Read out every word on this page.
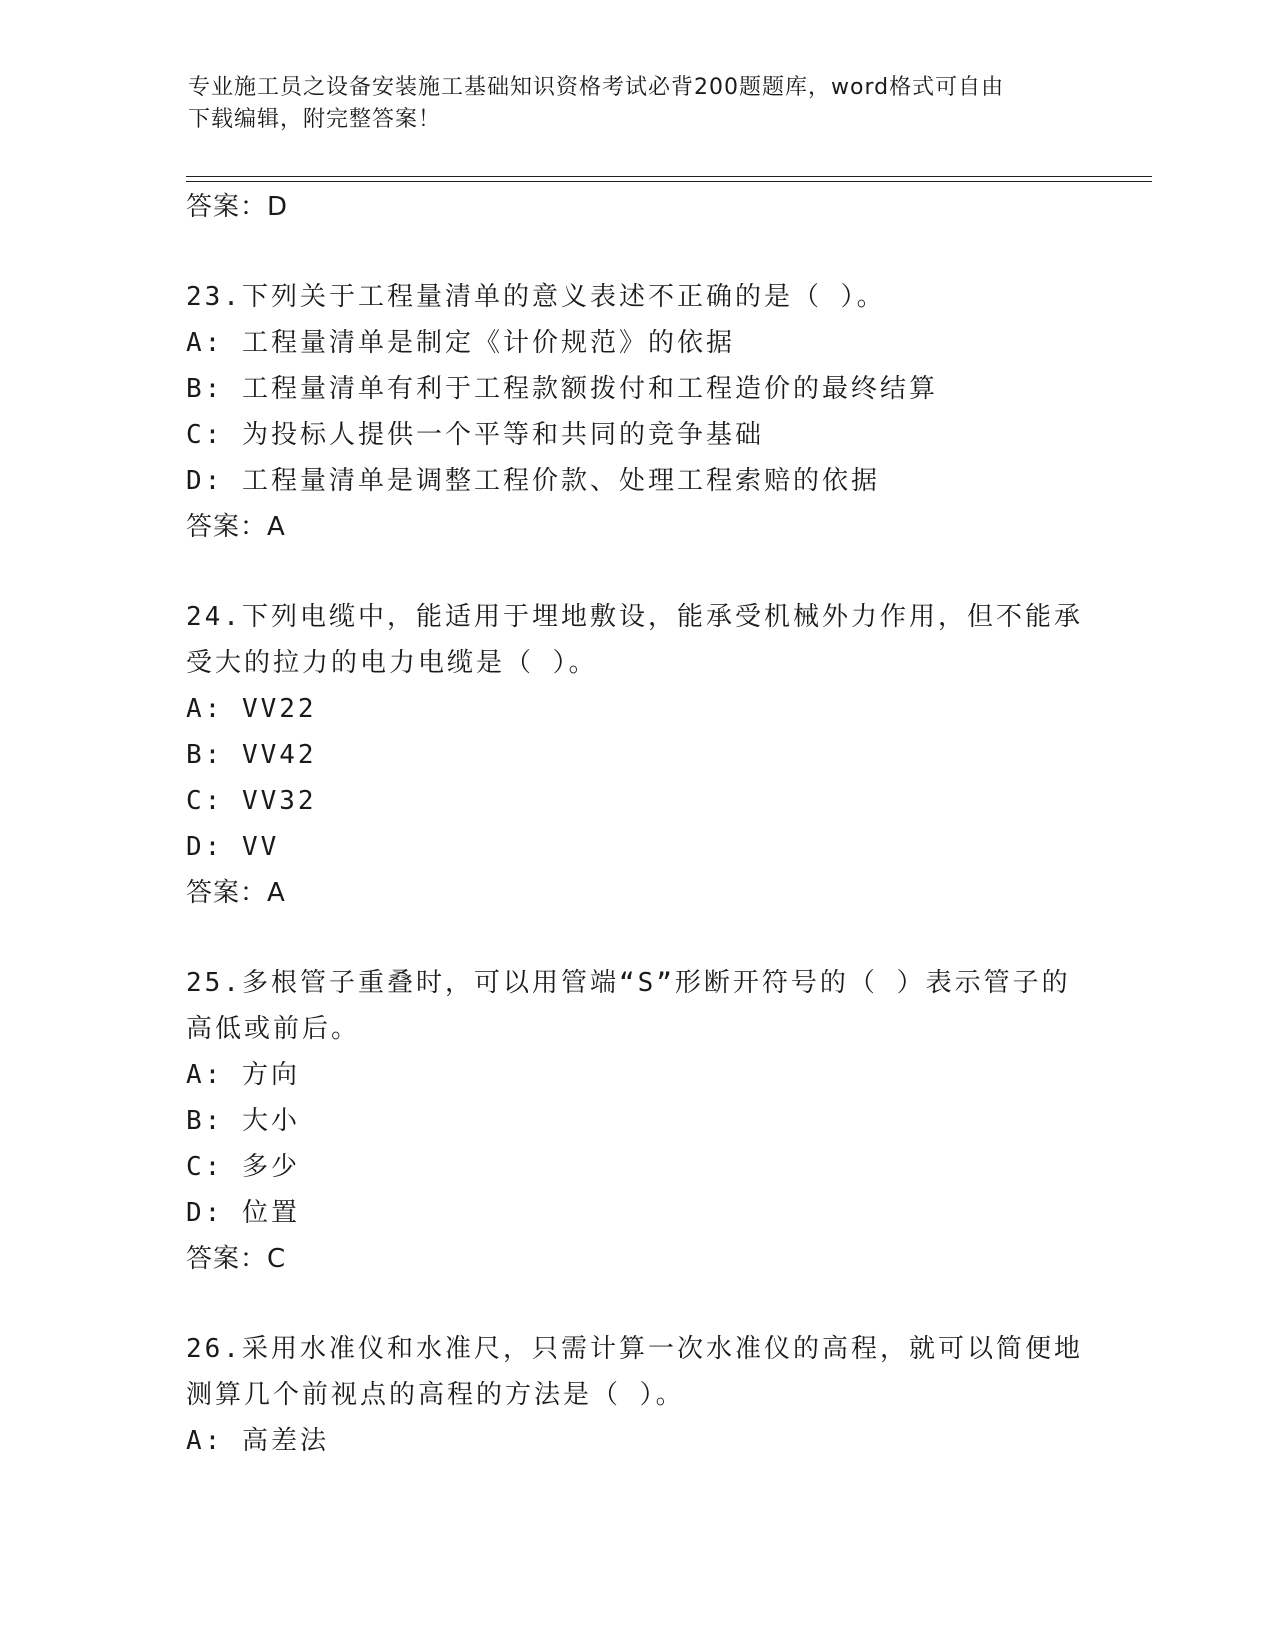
专业施工员之设备安装施工基础知识资格考试必背200题题库，word格式可自由
下载编辑，附完整答案！
答案：D
23.下列关于工程量清单的意义表述不正确的是（ ）。
A: 工程量清单是制定《计价规范》的依据
B: 工程量清单有利于工程款额拨付和工程造价的最终结算
C: 为投标人提供一个平等和共同的竞争基础
D: 工程量清单是调整工程价款、处理工程索赔的依据
答案：A
24.下列电缆中，能适用于埋地敷设，能承受机械外力作用，但不能承受大的拉力的电力电缆是（ ）。
A: VV22
B: VV42
C: VV32
D: VV
答案：A
25.多根管子重叠时，可以用管端“S”形断开符号的（ ）表示管子的高低或前后。
A: 方向
B: 大小
C: 多少
D: 位置
答案：C
26.采用水准仪和水准尺，只需计算一次水准仪的高程，就可以简便地测算几个前视点的高程的方法是（ ）。
A: 高差法
